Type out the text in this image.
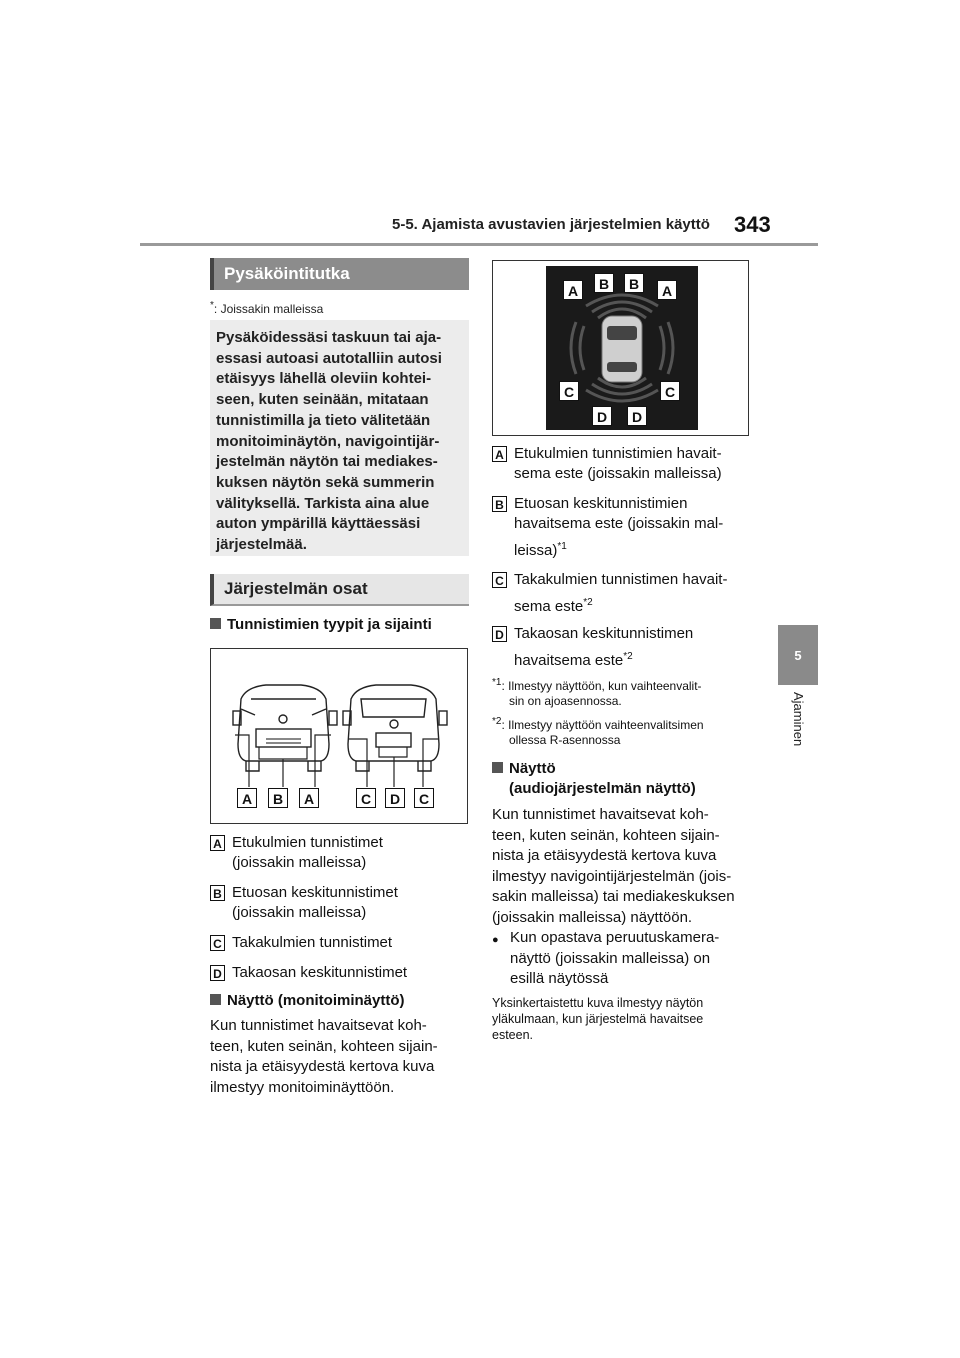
5-5. Ajamista avustavien järjestelmien käyttö 343
5
Ajaminen
Pysäköintitutka
*: Joissakin malleissa
Pysäköidessäsi taskuun tai aja-
essasi autoasi autotalliin autosi
etäisyys lähellä oleviin kohtei-
seen, kuten seinään, mitataan
tunnistimilla ja tieto välitetään
monitoiminäytön, navigointijär-
jestelmän näytön tai mediakes-
kuksen näytön sekä summerin
välityksellä. Tarkista aina alue
auton ympärillä käyttäessäsi
järjestelmää.
Järjestelmän osat
Tunnistimien tyypit ja sijainti
A	B	A	C	D	C
A Etukulmien tunnistimet
(joissakin malleissa)
B Etuosan keskitunnistimet
(joissakin malleissa)
C Takakulmien tunnistimet
D Takaosan keskitunnistimet
Näyttö (monitoiminäyttö)
Kun tunnistimet havaitsevat koh-
teen, kuten seinän, kohteen sijain-
nista ja etäisyydestä kertova kuva
ilmestyy monitoiminäyttöön.
A	B	B	A
C	C
D	D
A Etukulmien tunnistimien havait-
sema este (joissakin malleissa)
B Etuosan keskitunnistimien
havaitsema este (joissakin mal-
leissa)$^{*1}$
C Takakulmien tunnistimen havait-
sema este$^{*2}$
D Takaosan keskitunnistimen
havaitsema este$^{*2}$
$^{*1}$: Ilmestyy näyttöön, kun vaihteenvalit-
sin on ajoasennossa.
$^{*2}$: Ilmestyy näyttöön vaihteenvalitsimen
ollessa R-asennossa
Näyttö
(audiojärjestelmän näyttö)
Kun tunnistimet havaitsevat koh-
teen, kuten seinän, kohteen sijain-
nista ja etäisyydestä kertova kuva
ilmestyy navigointijärjestelmän (jois-
sakin malleissa) tai mediakeskuksen
(joissakin malleissa) näyttöön.
● Kun opastava peruutuskamera-
näyttö (joissakin malleissa) on
esillä näytössä
Yksinkertaistettu kuva ilmestyy näytön
yläkulmaan, kun järjestelmä havaitsee
esteen.
